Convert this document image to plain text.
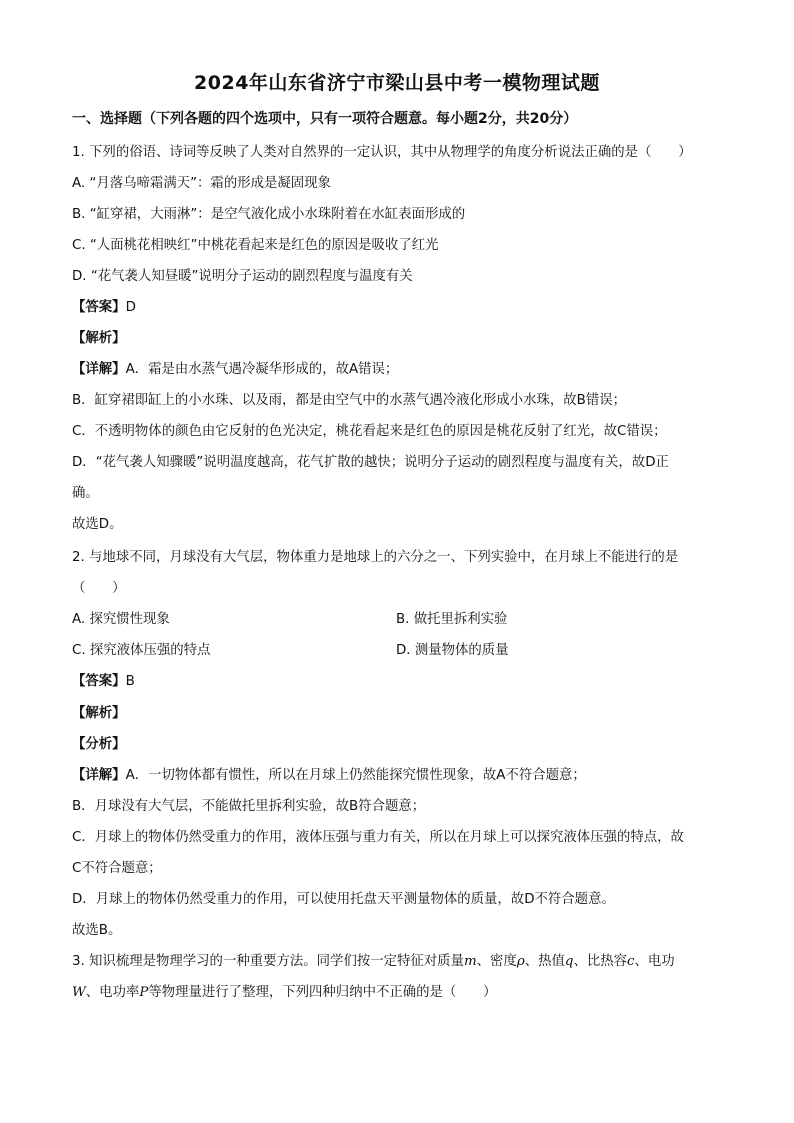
2024年山东省济宁市梁山县中考一模物理试题
一、选择题（下列各题的四个选项中，只有一项符合题意。每小题2分，共20分）
1. 下列的俗语、诗词等反映了人类对自然界的一定认识，其中从物理学的角度分析说法正确的是（　　）
A. “月落乌啼霜满天”：霜的形成是凝固现象
B. “缸穿裙，大雨淋”：是空气液化成小水珠附着在水缸表面形成的
C. “人面桃花相映红”中桃花看起来是红色的原因是吸收了红光
D. “花气袭人知昼暖”说明分子运动的剧烈程度与温度有关
【答案】D
【解析】
【详解】A．霜是由水蒸气遇冷凝华形成的，故A错误；
B．缸穿裙即缸上的小水珠、以及雨，都是由空气中的水蒸气遇冷液化形成小水珠，故B错误；
C．不透明物体的颜色由它反射的色光决定，桃花看起来是红色的原因是桃花反射了红光，故C错误；
D．“花气袭人知骤暖”说明温度越高，花气扩散的越快；说明分子运动的剧烈程度与温度有关，故D正
确。
故选D。
2. 与地球不同，月球没有大气层，物体重力是地球上的六分之一、下列实验中，在月球上不能进行的是
（　　）
A. 探究惯性现象	B. 做托里拆利实验
C. 探究液体压强的特点	D. 测量物体的质量
【答案】B
【解析】
【分析】
【详解】A．一切物体都有惯性，所以在月球上仍然能探究惯性现象，故A不符合题意；
B．月球没有大气层，不能做托里拆利实验，故B符合题意；
C．月球上的物体仍然受重力的作用，液体压强与重力有关，所以在月球上可以探究液体压强的特点，故
C不符合题意；
D．月球上的物体仍然受重力的作用，可以使用托盘天平测量物体的质量，故D不符合题意。
故选B。
3. 知识梳理是物理学习的一种重要方法。同学们按一定特征对质量m、密度ρ、热值q、比热容c、电功
W、电功率P等物理量进行了整理，下列四种归纳中不正确的是（　　）
